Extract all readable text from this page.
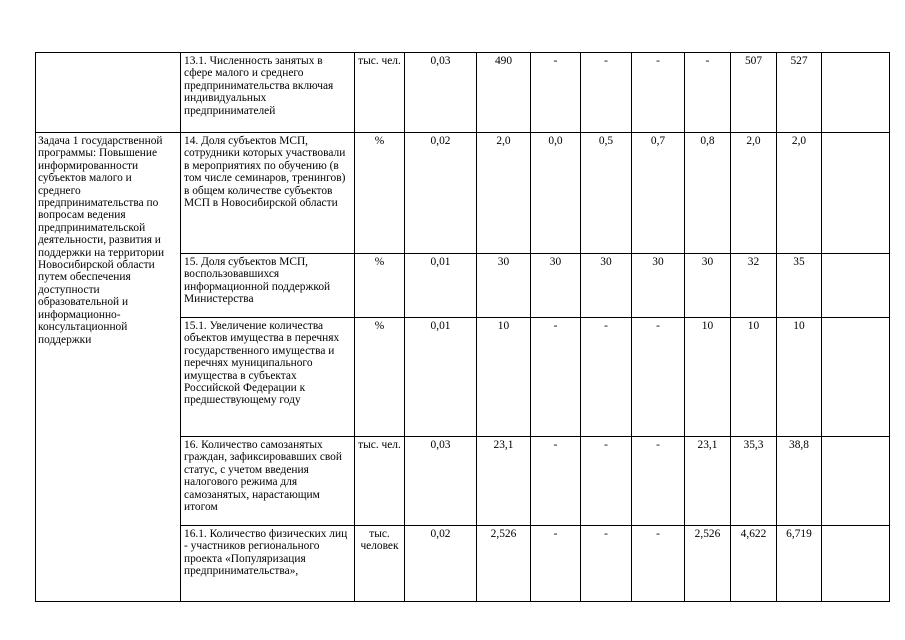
	13.1. Численность занятых в сфере малого и среднего предпринимательства включая индивидуальных предпринимателей	тыс. чел.	0,03	490	-	-	-	-	507	527	
Задача 1 государственной программы: Повышение информированности субъектов малого и среднего предпринимательства по вопросам ведения предпринимательской деятельности, развития и поддержки на территории Новосибирской области путем обеспечения доступности образовательной и информационно-консультационной поддержки	14. Доля субъектов МСП, сотрудники которых участвовали в мероприятиях по обучению (в том числе семинаров, тренингов) в общем количестве субъектов МСП в Новосибирской области	%	0,02	2,0	0,0	0,5	0,7	0,8	2,0	2,0	
	15. Доля субъектов МСП, воспользовавшихся информационной поддержкой Министерства	%	0,01	30	30	30	30	30	32	35	
	15.1. Увеличение количества объектов имущества в перечнях государственного имущества и перечнях муниципального имущества в субъектах Российской Федерации к предшествующему году	%	0,01	10	-	-	-	10	10	10	
	16. Количество самозанятых граждан, зафиксировавших свой статус, с учетом введения налогового режима для самозанятых, нарастающим итогом	тыс. чел.	0,03	23,1	-	-	-	23,1	35,3	38,8	
	16.1. Количество физических лиц - участников регионального проекта «Популяризация предпринимательства»,	тыс. человек	0,02	2,526	-	-	-	2,526	4,622	6,719	
